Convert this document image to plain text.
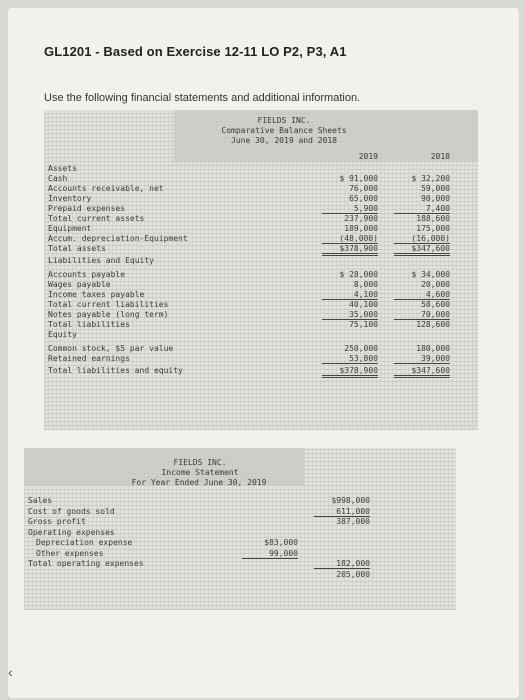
GL1201 - Based on Exercise 12-11 LO P2, P3, A1
Use the following financial statements and additional information.
FIELDS INC.
Comparative Balance Sheets
June 30, 2019 and 2018
2019	2018
Assets
Cash	$ 91,000	$ 32,200
Accounts receivable, net	76,000	59,000
Inventory	65,000	90,000
Prepaid expenses	5,900	7,400
Total current assets	237,900	188,600
Equipment	189,000	175,000
Accum. depreciation-Equipment	(48,000)	(16,000)
Total assets	$378,900	$347,600
Liabilities and Equity
Accounts payable	$ 28,000	$ 34,000
Wages payable	8,000	20,000
Income taxes payable	4,100	4,600
Total current liabilities	40,100	58,600
Notes payable (long term)	35,000	70,000
Total liabilities	75,100	128,600
Equity
Common stock, $5 par value	250,000	180,000
Retained earnings	53,800	39,000
Total liabilities and equity	$378,900	$347,600
FIELDS INC.
Income Statement
For Year Ended June 30, 2019
Sales	$998,000
Cost of goods sold	611,000
Gross profit	387,000
Operating expenses
Depreciation expense	$83,000
Other expenses	99,000
Total operating expenses	182,000
205,000
‹
